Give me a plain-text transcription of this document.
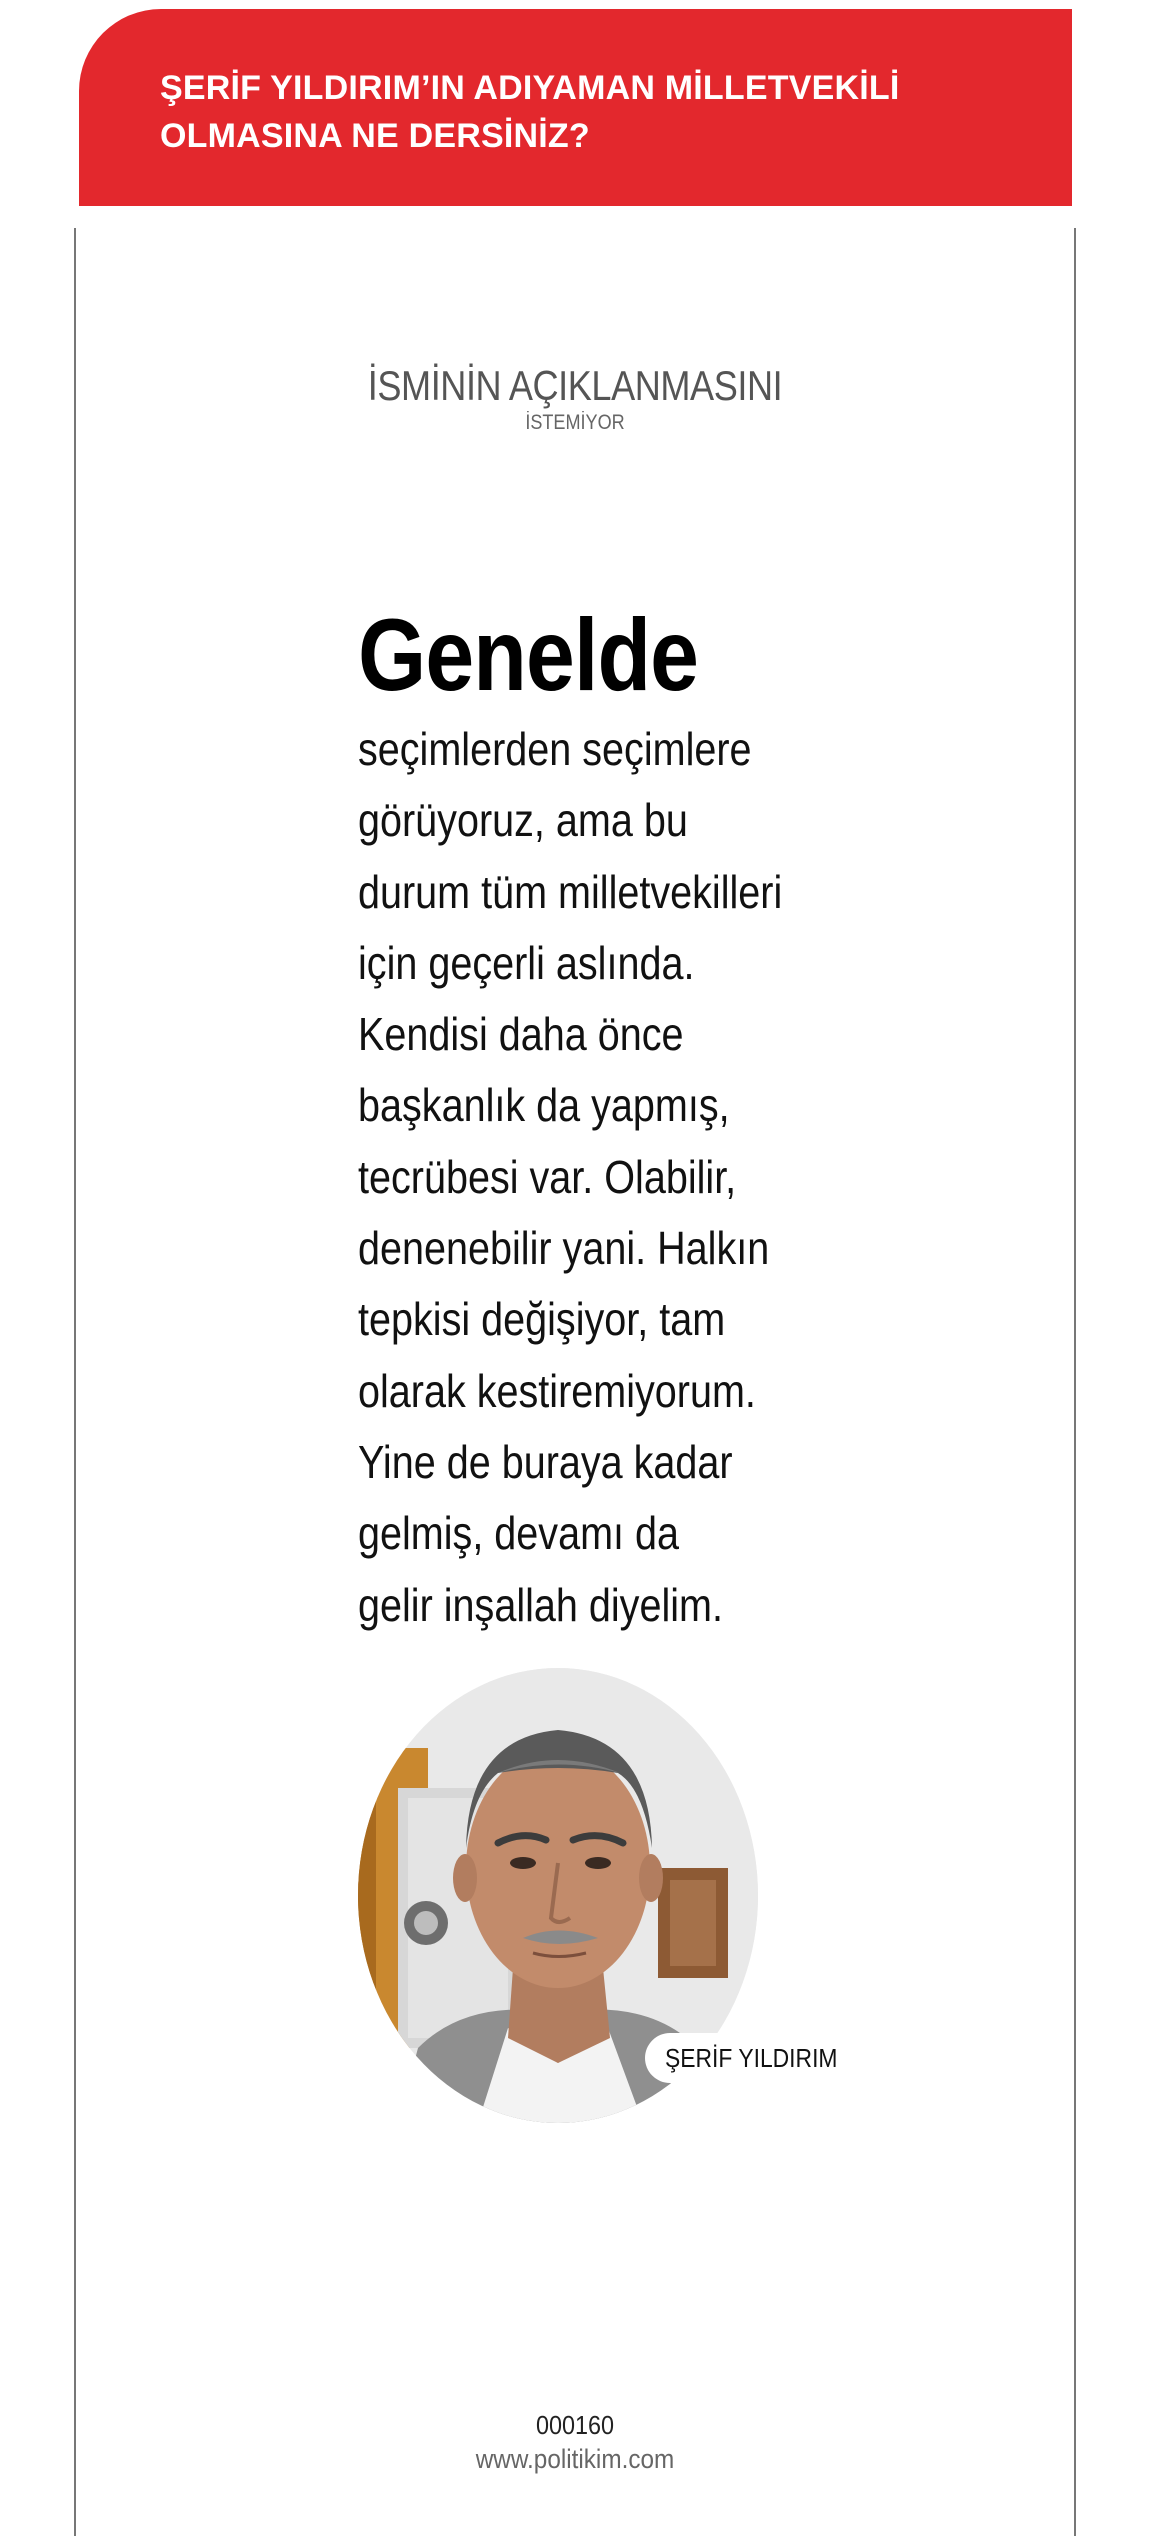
ŞERİF YILDIRIM’IN ADIYAMAN MİLLETVEKİLİ OLMASINA NE DERSİNİZ?
İSMİNİN AÇIKLANMASINI
İSTEMİYOR
Genelde
seçimlerden seçimlere
görüyoruz, ama bu
durum tüm milletvekilleri
için geçerli aslında.
Kendisi daha önce
başkanlık da yapmış,
tecrübesi var. Olabilir,
denenebilir yani. Halkın
tepkisi değişiyor, tam
olarak kestiremiyorum.
Yine de buraya kadar
gelmiş, devamı da
gelir inşallah diyelim.
ŞERİF YILDIRIM
000160
www.politikim.com
